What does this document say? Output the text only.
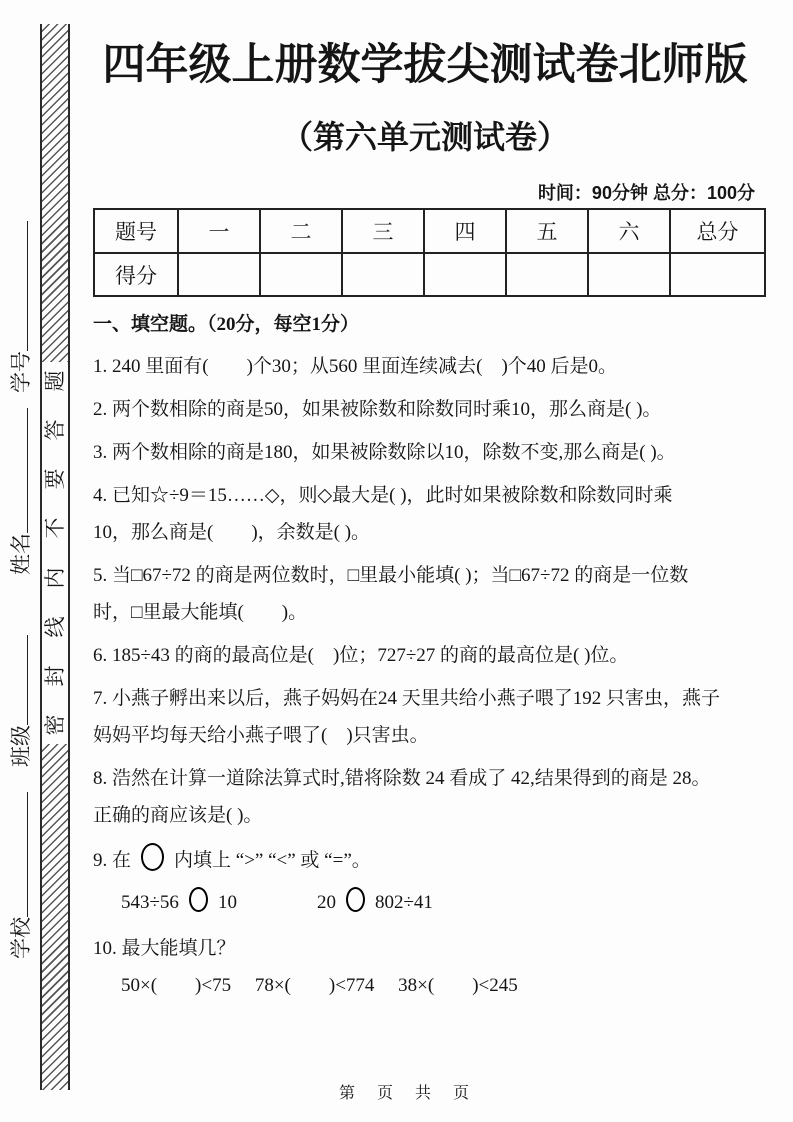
学校
班级
姓名
学号 题
答
要
不
内
线
封
密
四年级上册数学拔尖测试卷北师版
（第六单元测试卷）
时间：90分钟 总分：100分
题号	一	二	三	四	五	六	总分
得分							
一、填空题。（20分，每空1分）
1. 240 里面有(　　)个30；从560 里面连续减去(　)个40 后是0。
2. 两个数相除的商是50，如果被除数和除数同时乘10，那么商是( )。
3. 两个数相除的商是180，如果被除数除以10，除数不变,那么商是( )。
4. 已知☆÷9＝15……◇，则◇最大是( )，此时如果被除数和除数同时乘
10，那么商是(　　)，余数是( )。
5. 当□67÷72 的商是两位数时，□里最小能填( )；当□67÷72 的商是一位数
时，□里最大能填(　　)。
6. 185÷43 的商的最高位是(　)位；727÷27 的商的最高位是( )位。
7. 小燕子孵出来以后，燕子妈妈在24 天里共给小燕子喂了192 只害虫，燕子
妈妈平均每天给小燕子喂了(　)只害虫。
8. 浩然在计算一道除法算式时,错将除数 24 看成了 42,结果得到的商是 28。
正确的商应该是( )。
9. 在 内填上 “>” “<” 或 “=”。
543÷56 10	20 802÷41
10. 最大能填几？
50×(　　)<75　 78×(　　)<774　 38×(　　)<245
第 页 共 页
